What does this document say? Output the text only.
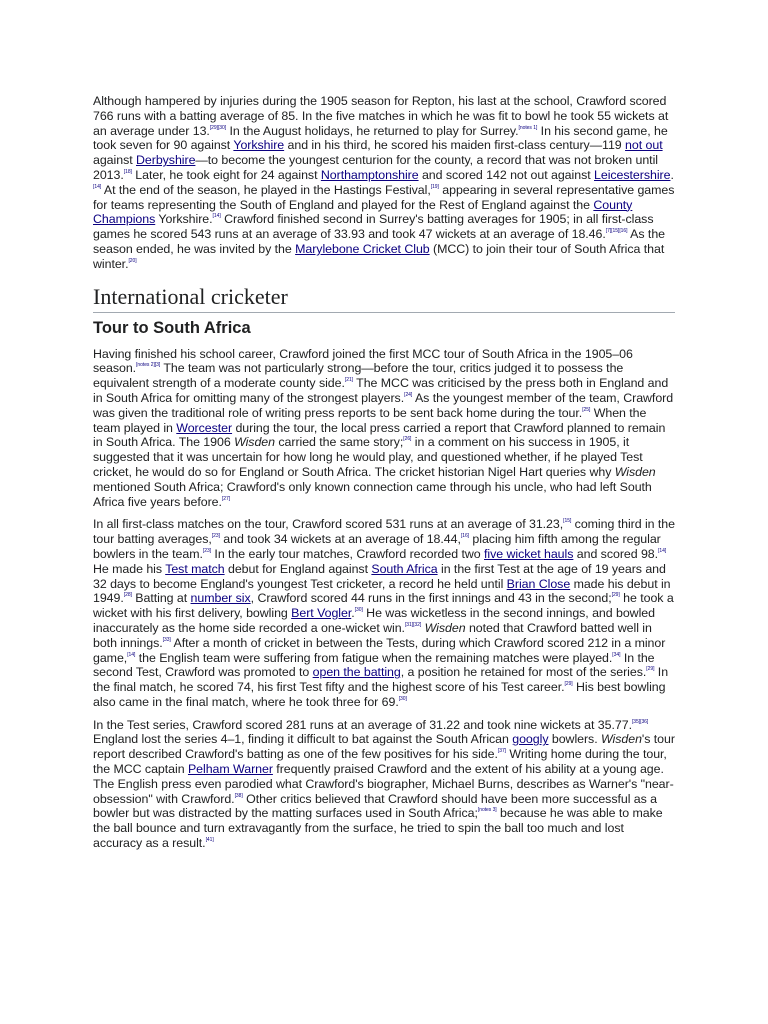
Although hampered by injuries during the 1905 season for Repton, his last at the school, Crawford scored 766 runs with a batting average of 85. In the five matches in which he was fit to bowl he took 55 wickets at an average under 13.[29][30] In the August holidays, he returned to play for Surrey.[notes 1] In his second game, he took seven for 90 against Yorkshire and in his third, he scored his maiden first-class century—119 not out against Derbyshire—to become the youngest centurion for the county, a record that was not broken until 2013.[18] Later, he took eight for 24 against Northamptonshire and scored 142 not out against Leicestershire.[14] At the end of the season, he played in the Hastings Festival,[19] appearing in several representative games for teams representing the South of England and played for the Rest of England against the County Champions Yorkshire.[14] Crawford finished second in Surrey's batting averages for 1905; in all first-class games he scored 543 runs at an average of 33.93 and took 47 wickets at an average of 18.46.[7][15][16] As the season ended, he was invited by the Marylebone Cricket Club (MCC) to join their tour of South Africa that winter.[20]

International cricketer
Tour to South Africa

Having finished his school career, Crawford joined the first MCC tour of South Africa in the 1905–06 season.[notes 2][3] The team was not particularly strong—before the tour, critics judged it to possess the equivalent strength of a moderate county side.[21] The MCC was criticised by the press both in England and in South Africa for omitting many of the strongest players.[24] As the youngest member of the team, Crawford was given the traditional role of writing press reports to be sent back home during the tour.[25] When the team played in Worcester during the tour, the local press carried a report that Crawford planned to remain in South Africa. The 1906 Wisden carried the same story;[26] in a comment on his success in 1905, it suggested that it was uncertain for how long he would play, and questioned whether, if he played Test cricket, he would do so for England or South Africa. The cricket historian Nigel Hart queries why Wisden mentioned South Africa; Crawford's only known connection came through his uncle, who had left South Africa five years before.[27]

In all first-class matches on the tour, Crawford scored 531 runs at an average of 31.23,[15] coming third in the tour batting averages,[23] and took 34 wickets at an average of 18.44,[16] placing him fifth among the regular bowlers in the team.[23] In the early tour matches, Crawford recorded two five wicket hauls and scored 98.[14] He made his Test match debut for England against South Africa in the first Test at the age of 19 years and 32 days to become England's youngest Test cricketer, a record he held until Brian Close made his debut in 1949.[28] Batting at number six, Crawford scored 44 runs in the first innings and 43 in the second;[29] he took a wicket with his first delivery, bowling Bert Vogler.[30] He was wicketless in the second innings, and bowled inaccurately as the home side recorded a one-wicket win.[31][32] Wisden noted that Crawford batted well in both innings.[33] After a month of cricket in between the Tests, during which Crawford scored 212 in a minor game,[14] the English team were suffering from fatigue when the remaining matches were played.[34] In the second Test, Crawford was promoted to open the batting, a position he retained for most of the series.[29] In the final match, he scored 74, his first Test fifty and the highest score of his Test career.[29] His best bowling also came in the final match, where he took three for 69.[30]

In the Test series, Crawford scored 281 runs at an average of 31.22 and took nine wickets at 35.77.[35][36] England lost the series 4–1, finding it difficult to bat against the South African googly bowlers. Wisden's tour report described Crawford's batting as one of the few positives for his side.[37] Writing home during the tour, the MCC captain Pelham Warner frequently praised Crawford and the extent of his ability at a young age. The English press even parodied what Crawford's biographer, Michael Burns, describes as Warner's "near-obsession" with Crawford.[38] Other critics believed that Crawford should have been more successful as a bowler but was distracted by the matting surfaces used in South Africa;[notes 3] because he was able to make the ball bounce and turn extravagantly from the surface, he tried to spin the ball too much and lost accuracy as a result.[41]
